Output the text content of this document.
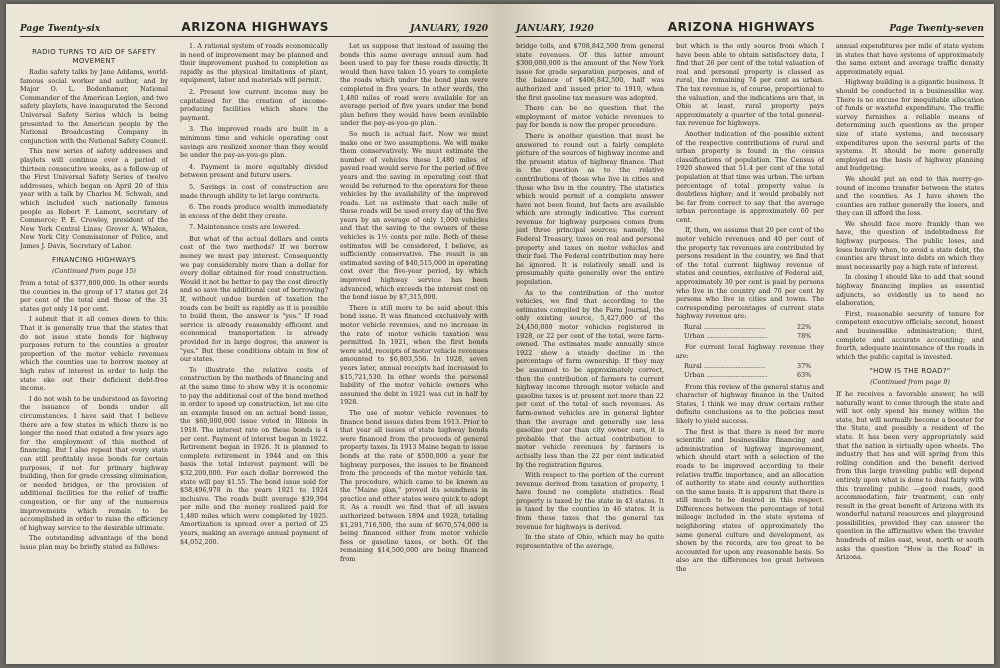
Page Twenty-six	ARIZONA HIGHWAYS	JANUARY, 1920
RADIO TURNS TO AID OF SAFETY MOVEMENT

Radio safety talks by Jane Addams, world-famous social worker and author, and by Major O. L. Bodenhamer, National Commander of the American Legion, and two safety playlets, have inaugurated the Second Universal Safety Series which is being presented to the American people by the National Broadcasting Company in conjunction with the National Safety Council.

This new series of safety addresses and playlets will continue over a period of thirteen consecutive weeks, as a follow-up of the First Universal Safety Series of twelve addresses, which began on April 20 of this year with a talk by Charles M. Schwab, and which included such nationally famous people as Robert F. Lamont, secretary of Commerce; P. E. Crowley, president of the New York Central Lines; Grover A. Whalen, New York City Commissioner of Police, and James J. Davis, Secretary of Labor.

FINANCING HIGHWAYS
(Continued from page 15)

from a total of $377,800,000. In other words the counties in the group of 17 states get 24 per cent of the total and those of the 31 states get only 14 per cent.

I submit that it all comes down to this: That it is generally true that the states that do not issue state bonds for highway purposes return to the counties a greater proportion of the motor vehicle revenues which the counties use to borrow money at high rates of interest in order to help the state eke out their deficient debt-free income.

I do not wish to be understood as favoring the issuance of bonds under all circumstances. I have said that I believe there are a few states in which there is no longer the need that existed a few years ago for the employment of this method of financing. But I also repeat that every state can still profitably issue bonds for certain purposes, if not for primary highway building, then for grade crossing elimination, or needed bridges, or the provision of additional facilities for the relief of traffic congestion, or for any of the numerous improvements which remain to be accomplished in order to raise the efficiency of highway service to the desirable ultimate.

The outstanding advantage of the bond issue plan may be briefly stated as follows:

1. A rational system of roads economically in need of improvement may be planned and their improvement pushed to completion as rapidly as the physical limitations of plant, equipment, labor and materials will permit.

2. Present low current income may be capitalized for the creation of income-producing facilities which share the payment.

3. The improved roads are built in a minimum time and vehicle operating cost savings are realized sooner than they would be under the pay-as-you-go plan.

4. Payment is more equitably divided between present and future users.

5. Savings in cost of construction are made through ability to let large contracts.

6. The roads produce wealth immediately in excess of the debt they create.

7. Maintenance costs are lowered.

But what of the actual dollars and cents cost of the two methods? If we borrow money we must pay interest. Consequently we pay considerably more than a dollar for every dollar obtained for road construction. Would it not be better to pay the cost directly and so save the additional cost of borrowing? If, without undue burden of taxation the roads can be built as rapidly as it is possible to build them, the answer is "yes." If road service is already reasonably efficient and economical transportation is already provided for in large degree, the answer is "yes." But these conditions obtain in few of our states.

To illustrate the relative costs of construction by the methods of financing and at the same time to show why it is economic to pay the additional cost of the bond method in order to speed up construction, let me cite an example based on an actual bond issue, the $60,000,000 issue voted in Illinois in 1918. The interest rate on these bonds is 4 per cent. Payment of interest began in 1922. Retirement began in 1926. It is planned to complete retirement in 1944 and on this basis the total interest payment will be $32,200,000. For each dollar borrowed the state will pay $1.55. The bond issue sold for $58,496,978 in the years 1921 to 1924 inclusive. The roads built average $39,394 per mile and the money realized paid for 1,480 miles which were completed by 1925. Amortization is spread over a period of 25 years, making an average annual payment of $4,052,200.

Let us suppose that instead of issuing the bonds this same average annual sum had been used to pay for these roads directly. It would then have taken 15 years to complete the roads which under the bond plan were completed in five years. In other words, the 1,480 miles of road were available for an average period of five years under the bond plan before they would have been available under the pay-as-you-go plan.

So much is actual fact. Now we must make one or two assumptions. We will make them conservatively. We must estimate the number of vehicles these 1,480 miles of paved road would serve for the period of five years and the saving in operating cost that would be returned to the operators for these vehicles by the availability of the improved roads. Let us estimate that each mile of these roads will be used every day of the five years by an average of only 1,000 vehicles and that the saving to the owners of these vehicles is 1½ cents per mile. Both of these estimates will be considered, I believe, as sufficiently conservative. The result is an estimated saving of $40,515,000 in operating cost over the five-year period, by which improved highway service has been advanced, which exceeds the interest cost on the bond issue by $7,315,000.

There is still more to be said about this bond issue. It was financed exclusively with motor vehicle revenues, and no increase in the rate of motor vehicle taxation was permitted. In 1921, when the first bonds were sold, receipts of motor vehicle revenues amounted to $6,803,556. In 1928, seven years later, annual receipts had increased to $15,721,530. In other words the personal liability of the motor vehicle owners who assumed the debt in 1921 was cut in half by 1928.

The use of motor vehicle revenues to finance bond issues dates from 1913. Prior to that year all issues of state highway bonds were financed from the proceeds of general property taxes. In 1913 Maine began to issue bonds at the rate of $500,000 a year for highway purposes, the issues to be financed from the proceeds of the motor vehicle tax. The procedure, which came to be known as the "Maine plan," proved its soundness in practice and other states were quick to adopt it. As a result we find that of all issues authorized between 1894 and 1928, totaling $1,291,716,500, the sum of $670,574,000 is being financed either from motor vehicle fees or gasoline taxes, or both. Of the remaining $14,500,000 are being financed from

JANUARY, 1920	ARIZONA HIGHWAYS	Page Twenty-seven

bridge tolls, and $708,842,500 from general state revenues. Of this latter amount $300,000,000 is the amount of the New York issue for grade separation purposes, and of the balance of $406,842,500, half was authorized and issued prior to 1919, when the first gasoline tax measure was adopted.

There can be no question that the employment of motor vehicle revenues to pay for bonds is now the proper procedure.

There is another question that must be answered to round out a fairly complete picture of the sources of highway income and the present status of highway finance. That is the question as to the relative contributions of those who live in cities and those who live in the country. The statistics which would permit of a complete answer have not been found, but facts are available which are strongly indicative. The current revenue for highway purposes comes from just three principal sources; namely, the Federal Treasury, taxes on real and personal property and taxes on motor vehicles and their fuel. The Federal contribution may here be ignored. It is relatively small and is presumably quite generally over the entire population.

As to the contribution of the motor vehicles, we find that according to the estimates compiled by the Farm Journal, the only existing source, 5,427,000 of the 24,450,000 motor vehicles registered in 1928, or 22 per cent of the total, were farm-owned. The estimates made annually since 1922 show a steady decline in the percentage of farm ownership. If they may be assumed to be approximately correct, then the contribution of farmers to current highway income through motor vehicle and gasoline taxes is at present not more than 22 per cent of the total of such revenues. As farm-owned vehicles are in general lighter than the average and generally use less gasoline per car than city owner cars, it is probable that the actual contribution to motor vehicle revenues by farmers is actually less than the 22 per cent indicated by the registration figures.

With respect to the portion of the current revenue derived from taxation of property, I have found no complete statistics. Real property is taxed by the state in 43 states. It is taxed by the counties in 46 states. It is from these taxes that the general tax revenue for highways is derived.

In the state of Ohio, which may be quite representative of the average,

but which is the only source from which I have been able to obtain satisfactory data, I find that 26 per cent of the total valuation of real and personal property is classed as rural, the remaining 74 per cent as urban. The tax revenue is, of course, proportional to the valuation, and the indications are that, in Ohio at least, rural property pays approximately a quarter of the total general-tax revenue for highways.

Another indication of the possible extent of the respective contributions of rural and urban property is found in the census classifications of population. The Census of 1920 showed that 51.4 per cent of the total population at that time was urban. The urban percentage of total property value is doubtless higher; and it would probably not be far from correct to say that the average urban percentage is approximately 60 per cent.

If, then, we assume that 20 per cent of the motor vehicle revenues and 40 per cent of the property tax revenues are contributed by persons resident in the country, we find that of the total current highway revenue of states and counties, exclusive of Federal aid, approximately 30 per cent is paid by persons who live in the country and 70 per cent by persons who live in cities and towns. The corresponding percentages of current state highway revenue are:

Rural .....	22%
Urban .....	78%

For current local highway revenue they are:

Rural .....	37%
Urban .....	63%

From this review of the general status and character of highway finance in the United States, I think we may draw certain rather definite conclusions as to the policies most likely to yield success.

The first is that there is need for more scientific and businesslike financing and administration of highway improvement, which should start with a selection of the roads to be improved according to their relative traffic importance, and an allocation of authority to state and county authorities on the same basis. It is apparent that there is still much to be desired in this respect. Differences between the percentage of total mileage included in the state systems of neighboring states of approximately the same general culture and development, as shown by the records, are too great to be accounted for upon any reasonable basis. So also are the differences too great between the

annual expenditures per mile of state system in states that have systems of approximately the same extent and average traffic density approximately equal.

Highway building is a gigantic business. It should be conducted in a businesslike way. There is no excuse for inequitable allocation of funds or wasteful expenditure. The traffic survey furnishes a reliable means of determining such questions as the proper size of state systems, and necessary expenditures upon the several parts of the systems. It should be more generally employed as the basis of highway planning and budgeting.

We should put an end to this merry-go-round of income transfer between the states and the counties. As I have shown the counties are rather generally the losers, and they can ill afford the loss.

We should face more frankly than we have, the question of indebtedness for highway purposes. The public loses, and loses heavily when, to avoid a state debt, the counties are thrust into debts on which they must necessarily pay a high rate of interest.

In closing I should like to add that sound highway financing implies as essential adjuncts, so evidently as to need no elaboration,

First, reasonable security of tenure for competent executive officials; second, honest and businesslike administration; third, complete and accurate accounting; and fourth, adequate maintenance of the roads in which the public capital is invested.

"HOW IS THE ROAD?"
(Continued from page 9)

If he receives a favorable answer, he will naturally want to come through the state and will not only spend his money within the state, but will normally become a booster for the State, and possibly a resident of the state. It has been very appropriately said that the nation is virtually upon wheels. The industry that has and will spring from this rolling condition and the benefit derived from this large traveling public will depend entirely upon what is done to deal fairly with this traveling public —good roads, good accommodation, fair treatment, can only result in the great benefit of Arizona with its wonderful natural resources and playground possibilities, provided they can answer the question in the affirmative when the traveler hundreds of miles east, west, north or south asks the question "How is the Road" in Arizona.
